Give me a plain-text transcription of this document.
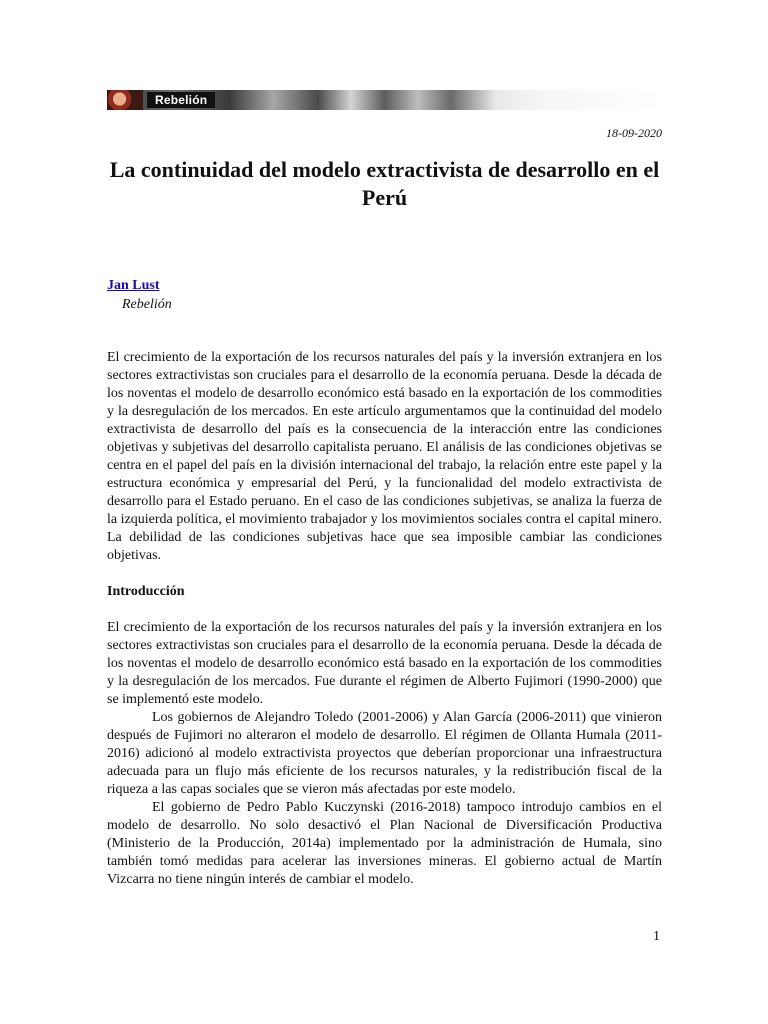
Rebelión
18-09-2020
La continuidad del modelo extractivista de desarrollo en el Perú
Jan Lust
Rebelión

El crecimiento de la exportación de los recursos naturales del país y la inversión extranjera en los sectores extractivistas son cruciales para el desarrollo de la economía peruana. Desde la década de los noventas el modelo de desarrollo económico está basado en la exportación de los commodities y la desregulación de los mercados. En este artículo argumentamos que la continuidad del modelo extractivista de desarrollo del país es la consecuencia de la interacción entre las condiciones objetivas y subjetivas del desarrollo capitalista peruano. El análisis de las condiciones objetivas se centra en el papel del país en la división internacional del trabajo, la relación entre este papel y la estructura económica y empresarial del Perú, y la funcionalidad del modelo extractivista de desarrollo para el Estado peruano. En el caso de las condiciones subjetivas, se analiza la fuerza de la izquierda política, el movimiento trabajador y los movimientos sociales contra el capital minero. La debilidad de las condiciones subjetivas hace que sea imposible cambiar las condiciones objetivas.

Introducción

El crecimiento de la exportación de los recursos naturales del país y la inversión extranjera en los sectores extractivistas son cruciales para el desarrollo de la economía peruana. Desde la década de los noventas el modelo de desarrollo económico está basado en la exportación de los commodities y la desregulación de los mercados. Fue durante el régimen de Alberto Fujimori (1990-2000) que se implementó este modelo.

Los gobiernos de Alejandro Toledo (2001-2006) y Alan García (2006-2011) que vinieron después de Fujimori no alteraron el modelo de desarrollo. El régimen de Ollanta Humala (2011-2016) adicionó al modelo extractivista proyectos que deberían proporcionar una infraestructura adecuada para un flujo más eficiente de los recursos naturales, y la redistribución fiscal de la riqueza a las capas sociales que se vieron más afectadas por este modelo.

El gobierno de Pedro Pablo Kuczynski (2016-2018) tampoco introdujo cambios en el modelo de desarrollo. No solo desactivó el Plan Nacional de Diversificación Productiva (Ministerio de la Producción, 2014a) implementado por la administración de Humala, sino también tomó medidas para acelerar las inversiones mineras. El gobierno actual de Martín Vizcarra no tiene ningún interés de cambiar el modelo.

1
